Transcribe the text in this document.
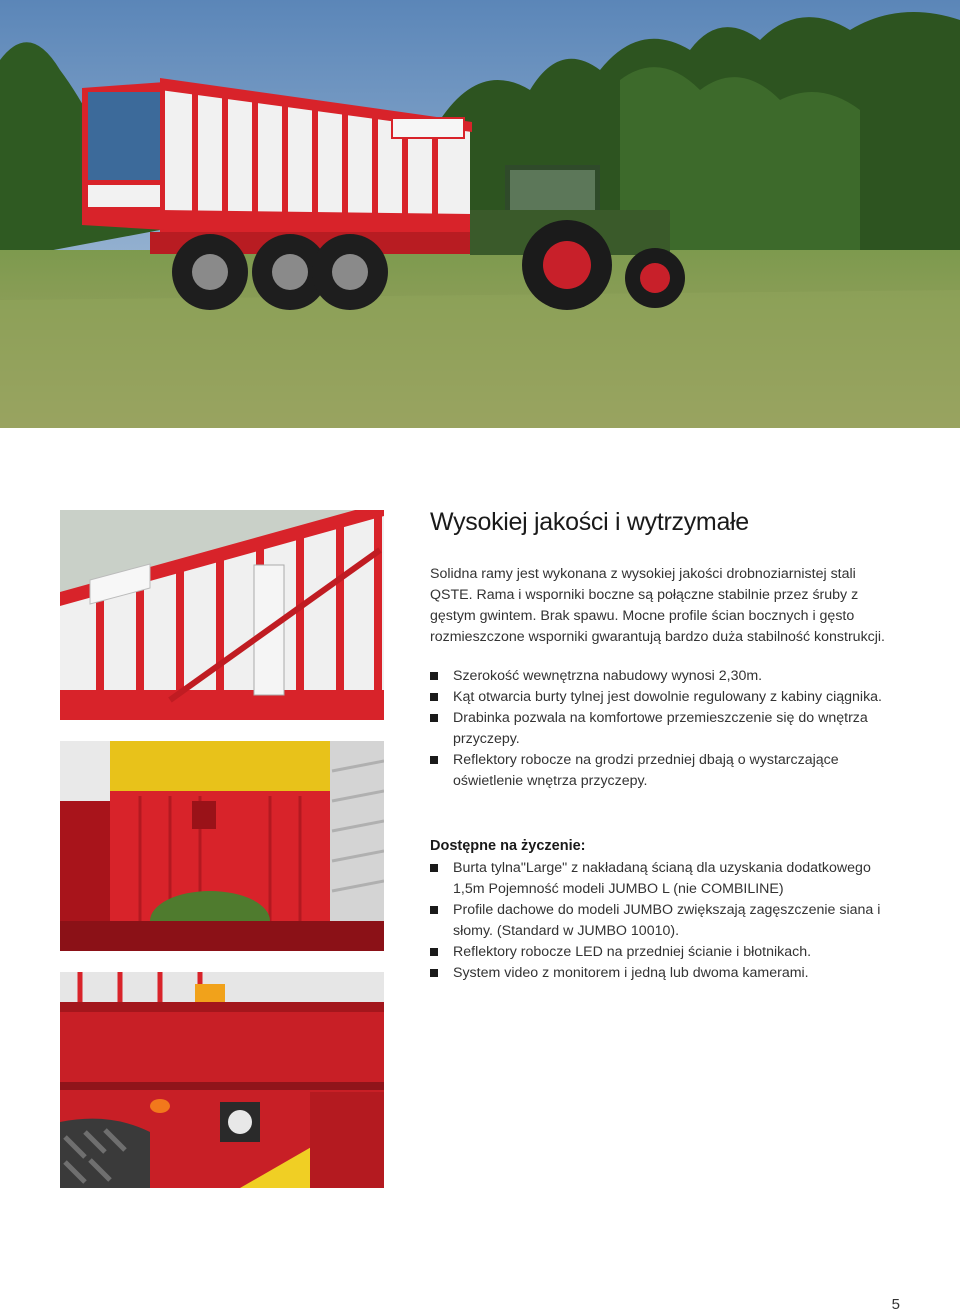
Wysokiej jakości i wytrzymałe

Solidna ramy jest wykonana z wysokiej jakości drobnoziarnistej stali QSTE. Rama i wsporniki boczne są połączne stabilnie przez śruby z gęstym gwintem. Brak spawu. Mocne profile ścian bocznych i gęsto rozmieszczone wsporniki gwarantują bardzo duża stabilność konstrukcji.

Szerokość wewnętrzna nabudowy wynosi 2,30m.
Kąt otwarcia burty tylnej jest dowolnie regulowany z kabiny ciągnika.
Drabinka pozwala na komfortowe przemieszczenie się do wnętrza przyczepy.
Reflektory robocze na grodzi przedniej dbają o wystarczające oświetlenie wnętrza przyczepy.
Dostępne na życzenie:
Burta tylna"Large" z nakładaną ścianą dla uzyskania dodatkowego 1,5m Pojemność modeli JUMBO L (nie COMBILINE)
Profile dachowe do modeli JUMBO zwiększają zagęszczenie siana i słomy. (Standard w JUMBO 10010).
Reflektory robocze LED na przedniej ścianie i błotnikach.
System video z monitorem i jedną lub dwoma kamerami.
5
